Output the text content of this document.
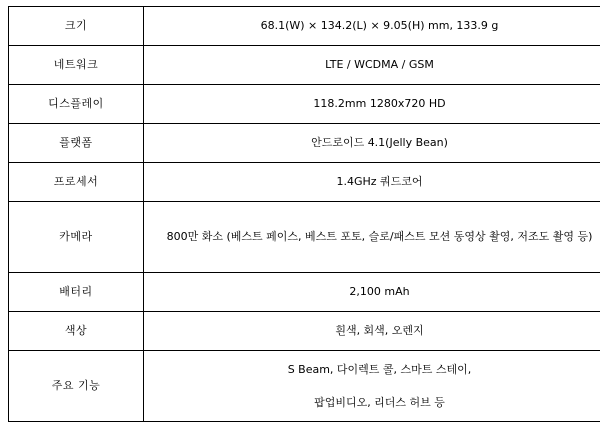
크기	68.1(W) × 134.2(L) × 9.05(H) mm, 133.9 g

네트워크	LTE / WCDMA / GSM

디스플레이	118.2mm 1280x720 HD

플랫폼	안드로이드 4.1(Jelly Bean)

프로세서	1.4GHz 쿼드코어

카메라	800만 화소 (베스트 페이스, 베스트 포토, 슬로/패스트 모션 동영상 촬영, 저조도 촬영 등)

배터리	2,100 mAh

색상	흰색, 회색, 오렌지

주요 기능	S Beam, 다이렉트 콜, 스마트 스테이,
팝업비디오, 리더스 허브 등
